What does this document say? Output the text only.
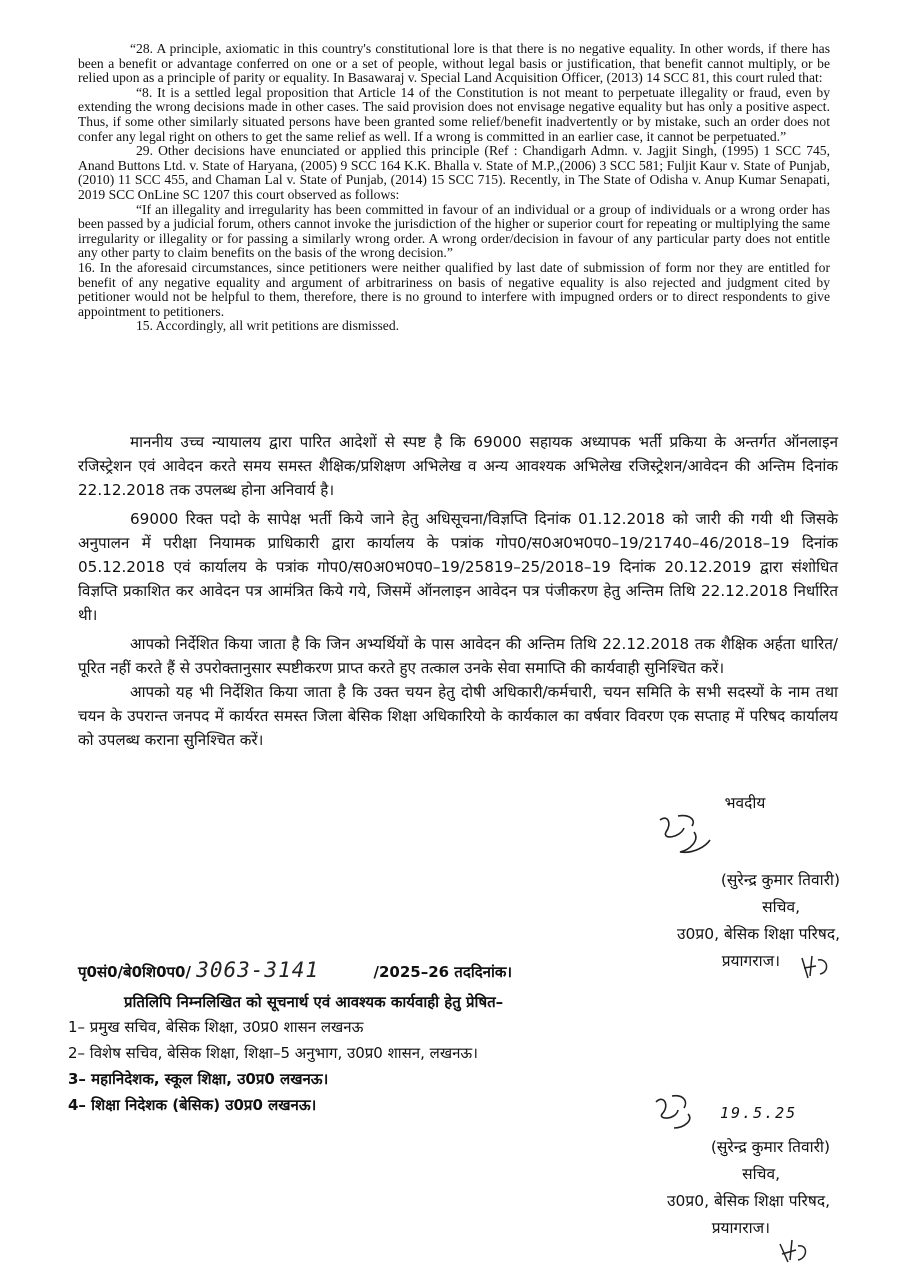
“28. A principle, axiomatic in this country's constitutional lore is that there is no negative equality. In other words, if there has been a benefit or advantage conferred on one or a set of people, without legal basis or justification, that benefit cannot multiply, or be relied upon as a principle of parity or equality. In Basawaraj v. Special Land Acquisition Officer, (2013) 14 SCC 81, this court ruled that:

“8. It is a settled legal proposition that Article 14 of the Constitution is not meant to perpetuate illegality or fraud, even by extending the wrong decisions made in other cases. The said provision does not envisage negative equality but has only a positive aspect. Thus, if some other similarly situated persons have been granted some relief/benefit inadvertently or by mistake, such an order does not confer any legal right on others to get the same relief as well. If a wrong is committed in an earlier case, it cannot be perpetuated.”

29. Other decisions have enunciated or applied this principle (Ref : Chandigarh Admn. v. Jagjit Singh, (1995) 1 SCC 745, Anand Buttons Ltd. v. State of Haryana, (2005) 9 SCC 164 K.K. Bhalla v. State of M.P.,(2006) 3 SCC 581; Fuljit Kaur v. State of Punjab, (2010) 11 SCC 455, and Chaman Lal v. State of Punjab, (2014) 15 SCC 715). Recently, in The State of Odisha v. Anup Kumar Senapati, 2019 SCC OnLine SC 1207 this court observed as follows:

“If an illegality and irregularity has been committed in favour of an individual or a group of individuals or a wrong order has been passed by a judicial forum, others cannot invoke the jurisdiction of the higher or superior court for repeating or multiplying the same irregularity or illegality or for passing a similarly wrong order. A wrong order/decision in favour of any particular party does not entitle any other party to claim benefits on the basis of the wrong decision.”

16. In the aforesaid circumstances, since petitioners were neither qualified by last date of submission of form nor they are entitled for benefit of any negative equality and argument of arbitrariness on basis of negative equality is also rejected and judgment cited by petitioner would not be helpful to them, therefore, there is no ground to interfere with impugned orders or to direct respondents to give appointment to petitioners.

15. Accordingly, all writ petitions are dismissed.

माननीय उच्च न्यायालय द्वारा पारित आदेशों से स्पष्ट है कि 69000 सहायक अध्यापक भर्ती प्रकिया के अन्तर्गत ऑनलाइन रजिस्ट्रेशन एवं आवेदन करते समय समस्त शैक्षिक/प्रशिक्षण अभिलेख व अन्य आवश्यक अभिलेख रजिस्ट्रेशन/आवेदन की अन्तिम दिनांक 22.12.2018 तक उपलब्ध होना अनिवार्य है।

69000 रिक्त पदो के सापेक्ष भर्ती किये जाने हेतु अधिसूचना/विज्ञप्ति दिनांक 01.12.2018 को जारी की गयी थी जिसके अनुपालन में परीक्षा नियामक प्राधिकारी द्वारा कार्यालय के पत्रांक गोप0/स0अ0भ0प0–19/21740–46/2018–19 दिनांक 05.12.2018 एवं कार्यालय के पत्रांक गोप0/स0अ0भ0प0–19/25819–25/2018–19 दिनांक 20.12.2019 द्वारा संशोधित विज्ञप्ति प्रकाशित कर आवेदन पत्र आमंत्रित किये गये, जिसमें ऑनलाइन आवेदन पत्र पंजीकरण हेतु अन्तिम तिथि 22.12.2018 निर्धारित थी।

आपको निर्देशित किया जाता है कि जिन अभ्यर्थियों के पास आवेदन की अन्तिम तिथि 22.12.2018 तक शैक्षिक अर्हता धारित/पूरित नहीं करते हैं से उपरोक्तानुसार स्पष्टीकरण प्राप्त करते हुए तत्काल उनके सेवा समाप्ति की कार्यवाही सुनिश्चित करें।

आपको यह भी निर्देशित किया जाता है कि उक्त चयन हेतु दोषी अधिकारी/कर्मचारी, चयन समिति के सभी सदस्यों के नाम तथा चयन के उपरान्त जनपद में कार्यरत समस्त जिला बेसिक शिक्षा अधिकारियो के कार्यकाल का वर्षवार विवरण एक सप्ताह में परिषद कार्यालय को उपलब्ध कराना सुनिश्चित करें।

भवदीय
(सुरेन्द्र कुमार तिवारी)
सचिव,
उ0प्र0, बेसिक शिक्षा परिषद,
प्रयागराज।
पृ0सं0/बे0शि0प0/ 3063-3141	/2025–26 तददिनांक।
प्रतिलिपि निम्नलिखित को सूचनार्थ एवं आवश्यक कार्यवाही हेतु प्रेषित–
1– प्रमुख सचिव, बेसिक शिक्षा, उ0प्र0 शासन लखनऊ
2– विशेष सचिव, बेसिक शिक्षा, शिक्षा–5 अनुभाग, उ0प्र0 शासन, लखनऊ।
3– महानिदेशक, स्कूल शिक्षा, उ0प्र0 लखनऊ।
4– शिक्षा निदेशक (बेसिक) उ0प्र0 लखनऊ।	19.5.25
(सुरेन्द्र कुमार तिवारी)
सचिव,
उ0प्र0, बेसिक शिक्षा परिषद,
प्रयागराज।
